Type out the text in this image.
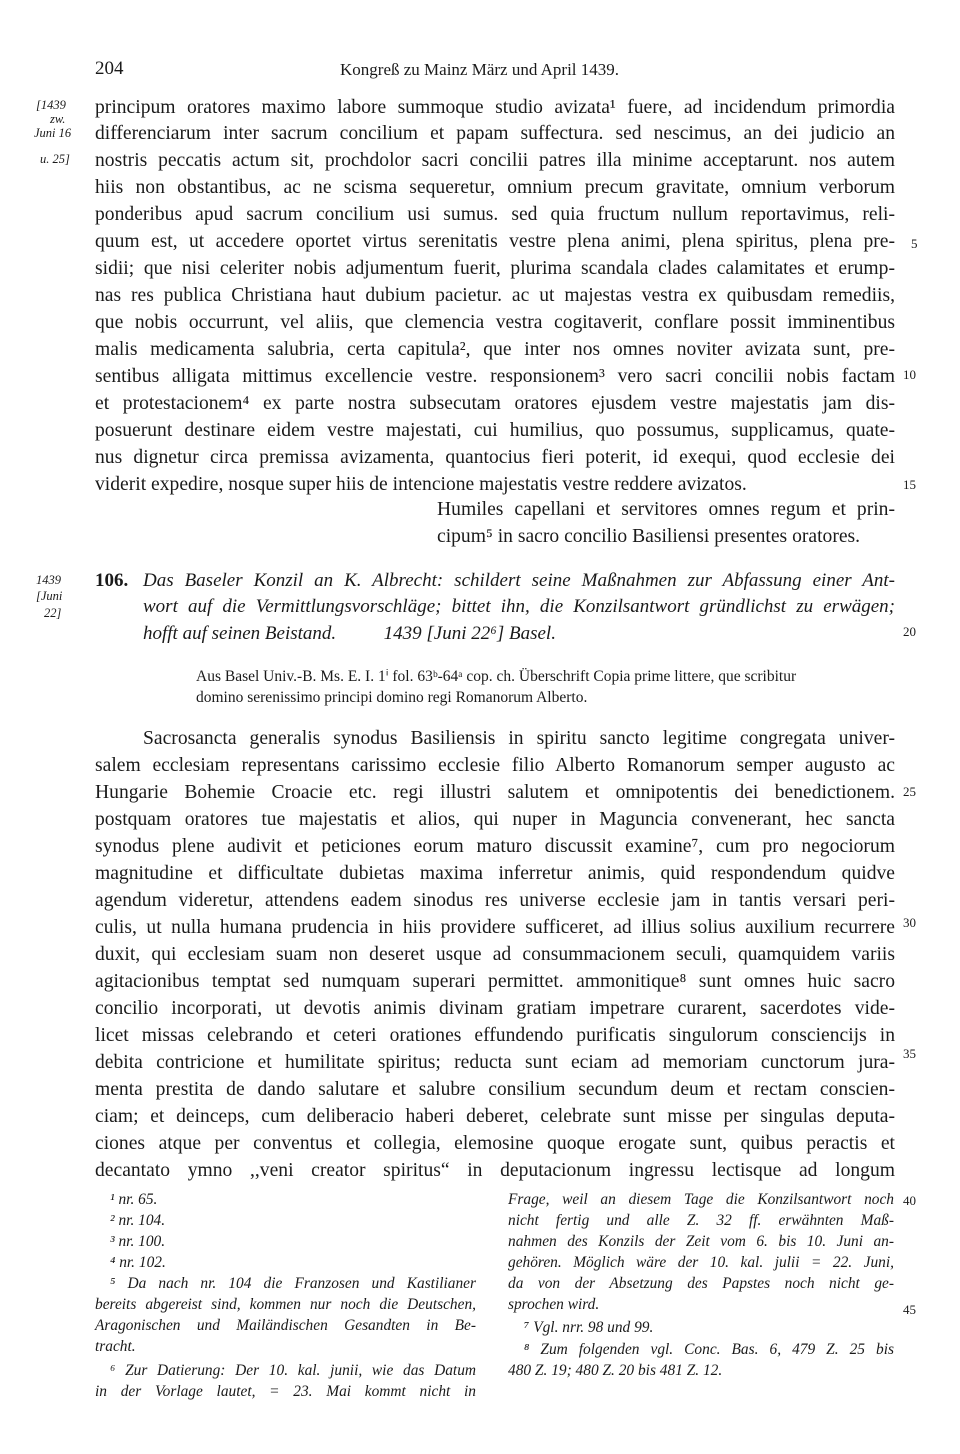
204	Kongreß zu Mainz März und April 1439.
[1439
zw.
Juni 16
u. 25]
principum oratores maximo labore summoque studio avizata¹ fuere, ad incidendum primordia
differenciarum inter sacrum concilium et papam suffectura. sed nescimus, an dei judicio an
nostris peccatis actum sit, prochdolor sacri concilii patres illa minime acceptarunt. nos autem
hiis non obstantibus, ac ne scisma sequeretur, omnium precum gravitate, omnium verborum
ponderibus apud sacrum concilium usi sumus. sed quia fructum nullum reportavimus, reli-
quum est, ut accedere oportet virtus serenitatis vestre plena animi, plena spiritus, plena pre-
sidii; que nisi celeriter nobis adjumentum fuerit, plurima scandala clades calamitates et erump-
nas res publica Christiana haut dubium pacietur. ac ut majestas vestra ex quibusdam remediis,
que nobis occurrunt, vel aliis, que clemencia vestra cogitaverit, conflare possit imminentibus
malis medicamenta salubria, certa capitula², que inter nos omnes noviter avizata sunt, pre-
sentibus alligata mittimus excellencie vestre. responsionem³ vero sacri concilii nobis factam
et protestacionem⁴ ex parte nostra subsecutam oratores ejusdem vestre majestatis jam dis-
posuerunt destinare eidem vestre majestati, cui humilius, quo possumus, supplicamus, quate-
nus dignetur circa premissa avizamenta, quantocius fieri poterit, id exequi, quod ecclesie dei
viderit expedire, nosque super hiis de intencione majestatis vestre reddere avizatos.
Humiles capellani et servitores omnes regum et prin-
cipum⁵ in sacro concilio Basiliensi presentes oratores.
1439
[Juni
22]
106. Das Baseler Konzil an K. Albrecht: schildert seine Maßnahmen zur Abfassung einer Ant-
wort auf die Vermittlungsvorschläge; bittet ihn, die Konzilsantwort gründlichst zu erwägen;
hofft auf seinen Beistand.          1439 [Juni 22⁶] Basel.
Aus Basel Univ.-B. Ms. E. I. 1ⁱ fol. 63ᵇ-64ᵃ cop. ch. Überschrift Copia prime littere, que scribitur
domino serenissimo principi domino regi Romanorum Alberto.
Sacrosancta generalis synodus Basiliensis in spiritu sancto legitime congregata univer-
salem ecclesiam representans carissimo ecclesie filio Alberto Romanorum semper augusto ac
Hungarie Bohemie Croacie etc. regi illustri salutem et omnipotentis dei benedictionem.
postquam oratores tue majestatis et alios, qui nuper in Maguncia convenerant, hec sancta
synodus plene audivit et peticiones eorum maturo discussit examine⁷, cum pro negociorum
magnitudine et difficultate dubietas maxima inferretur animis, quid respondendum quidve
agendum videretur, attendens eadem sinodus res universe ecclesie jam in tantis versari peri-
culis, ut nulla humana prudencia in hiis providere sufficeret, ad illius solius auxilium recurrere
duxit, qui ecclesiam suam non deseret usque ad consummacionem seculi, quamquidem variis
agitacionibus temptat sed numquam superari permittet. ammonitique⁸ sunt omnes huic sacro
concilio incorporati, ut devotis animis divinam gratiam impetrare curarent, sacerdotes vide-
licet missas celebrando et ceteri orationes effundendo purificatis singulorum consciencijs in
debita contricione et humilitate spiritus; reducta sunt eciam ad memoriam cunctorum jura-
menta prestita de dando salutare et salubre consilium secundum deum et rectam conscien-
ciam; et deinceps, cum deliberacio haberi deberet, celebrate sunt misse per singulas deputa-
ciones atque per conventus et collegia, elemosine quoque erogate sunt, quibus peractis et
decantato ymno ,,veni creator spiritus“ in deputacionum ingressu lectisque ad longum
5
10
15
20
25
30
35
40
45
¹ nr. 65.
² nr. 104.
³ nr. 100.
⁴ nr. 102.
⁵ Da nach nr. 104 die Franzosen und Kastilianer
bereits abgereist sind, kommen nur noch die Deutschen,
Aragonischen und Mailändischen Gesandten in Be-
tracht.
⁶ Zur Datierung: Der 10. kal. junii, wie das Datum
in der Vorlage lautet, = 23. Mai kommt nicht in
Frage, weil an diesem Tage die Konzilsantwort noch
nicht fertig und alle Z. 32 ff. erwähnten Maß-
nahmen des Konzils der Zeit vom 6. bis 10. Juni an-
gehören. Möglich wäre der 10. kal. julii = 22. Juni,
da von der Absetzung des Papstes noch nicht ge-
sprochen wird.
⁷ Vgl. nrr. 98 und 99.
⁸ Zum folgenden vgl. Conc. Bas. 6, 479 Z. 25 bis
480 Z. 19; 480 Z. 20 bis 481 Z. 12.
